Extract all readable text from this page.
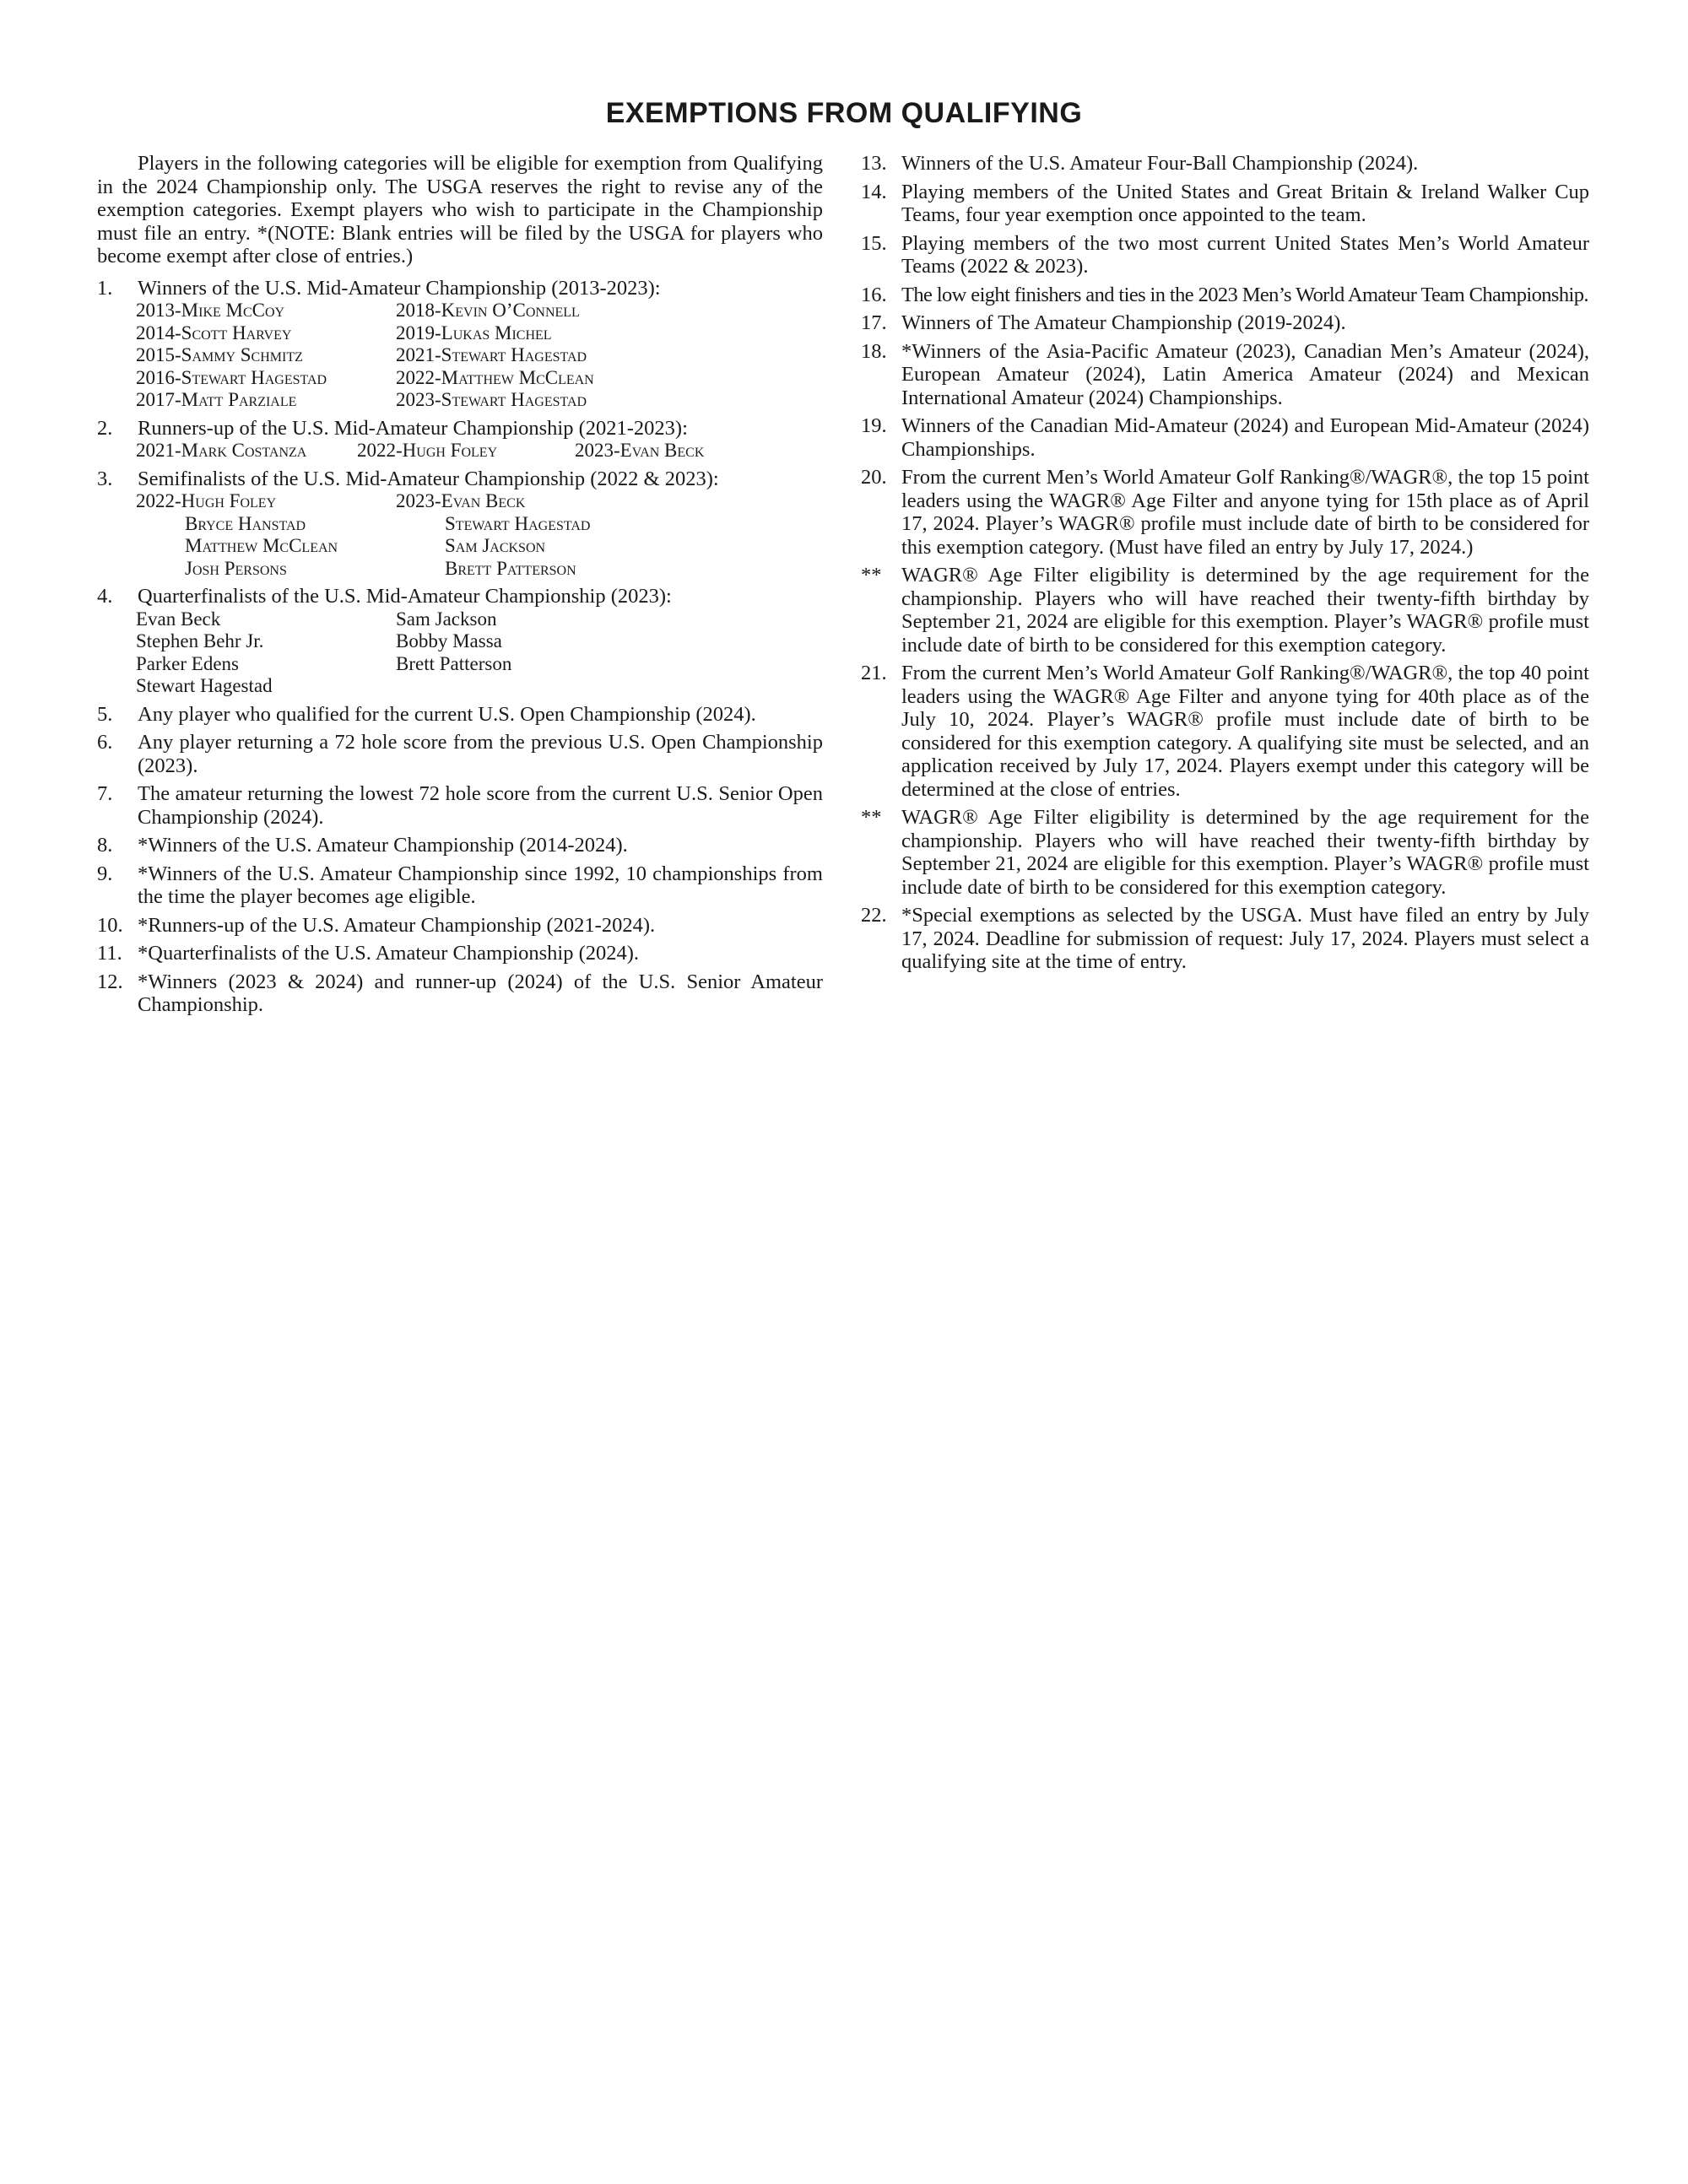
EXEMPTIONS FROM QUALIFYING

Players in the following categories will be eligible for exemption from Qualifying in the 2024 Championship only. The USGA reserves the right to revise any of the exemption categories. Exempt players who wish to participate in the Championship must file an entry. *(NOTE: Blank entries will be filed by the USGA for players who become exempt after close of entries.)

1.	Winners of the U.S. Mid-Amateur Championship (2013-2023):
2013-Mike McCoy	2018-Kevin O’Connell
2014-Scott Harvey	2019-Lukas Michel
2015-Sammy Schmitz	2021-Stewart Hagestad
2016-Stewart Hagestad	2022-Matthew McClean
2017-Matt Parziale	2023-Stewart Hagestad
2.	Runners-up of the U.S. Mid-Amateur Championship (2021-2023):
2021-Mark Costanza	2022-Hugh Foley	2023-Evan Beck
3.	Semifinalists of the U.S. Mid-Amateur Championship (2022 & 2023):
2022-Hugh Foley	2023-Evan Beck
Bryce Hanstad	Stewart Hagestad
Matthew McClean	Sam Jackson
Josh Persons	Brett Patterson
4.	Quarterfinalists of the U.S. Mid-Amateur Championship (2023):
Evan Beck	Sam Jackson
Stephen Behr Jr.	Bobby Massa
Parker Edens	Brett Patterson
Stewart Hagestad
5.	Any player who qualified for the current U.S. Open Championship (2024).
6.	Any player returning a 72 hole score from the previous U.S. Open Championship (2023).
7.	The amateur returning the lowest 72 hole score from the current U.S. Senior Open Championship (2024).
8.	*Winners of the U.S. Amateur Championship (2014-2024).
9.	*Winners of the U.S. Amateur Championship since 1992, 10 championships from the time the player becomes age eligible.
10. *Runners-up of the U.S. Amateur Championship (2021-2024).
11. *Quarterfinalists of the U.S. Amateur Championship (2024).
12. *Winners (2023 & 2024) and runner-up (2024) of the U.S. Senior Amateur Championship.
13. Winners of the U.S. Amateur Four-Ball Championship (2024).
14. Playing members of the United States and Great Britain & Ireland Walker Cup Teams, four year exemption once appointed to the team.
15. Playing members of the two most current United States Men’s World Amateur Teams (2022 & 2023).
16. The low eight finishers and ties in the 2023 Men’s World Amateur Team Championship.
17. Winners of The Amateur Championship (2019-2024).
18. *Winners of the Asia-Pacific Amateur (2023), Canadian Men’s Amateur (2024), European Amateur (2024), Latin America Amateur (2024) and Mexican International Amateur (2024) Championships.
19. Winners of the Canadian Mid-Amateur (2024) and European Mid-Amateur (2024) Championships.
20. From the current Men’s World Amateur Golf Ranking®/WAGR®, the top 15 point leaders using the WAGR® Age Filter and anyone tying for 15th place as of April 17, 2024. Player’s WAGR® profile must include date of birth to be considered for this exemption category. (Must have filed an entry by July 17, 2024.)
** WAGR® Age Filter eligibility is determined by the age requirement for the championship. Players who will have reached their twenty-fifth birthday by September 21, 2024 are eligible for this exemption. Player’s WAGR® profile must include date of birth to be considered for this exemption category.
21. From the current Men’s World Amateur Golf Ranking®/WAGR®, the top 40 point leaders using the WAGR® Age Filter and anyone tying for 40th place as of the July 10, 2024. Player’s WAGR® profile must include date of birth to be considered for this exemption category. A qualifying site must be selected, and an application received by July 17, 2024. Players exempt under this category will be determined at the close of entries.
** WAGR® Age Filter eligibility is determined by the age requirement for the championship. Players who will have reached their twenty-fifth birthday by September 21, 2024 are eligible for this exemption. Player’s WAGR® profile must include date of birth to be considered for this exemption category.
22. *Special exemptions as selected by the USGA. Must have filed an entry by July 17, 2024. Deadline for submission of request: July 17, 2024. Players must select a qualifying site at the time of entry.
